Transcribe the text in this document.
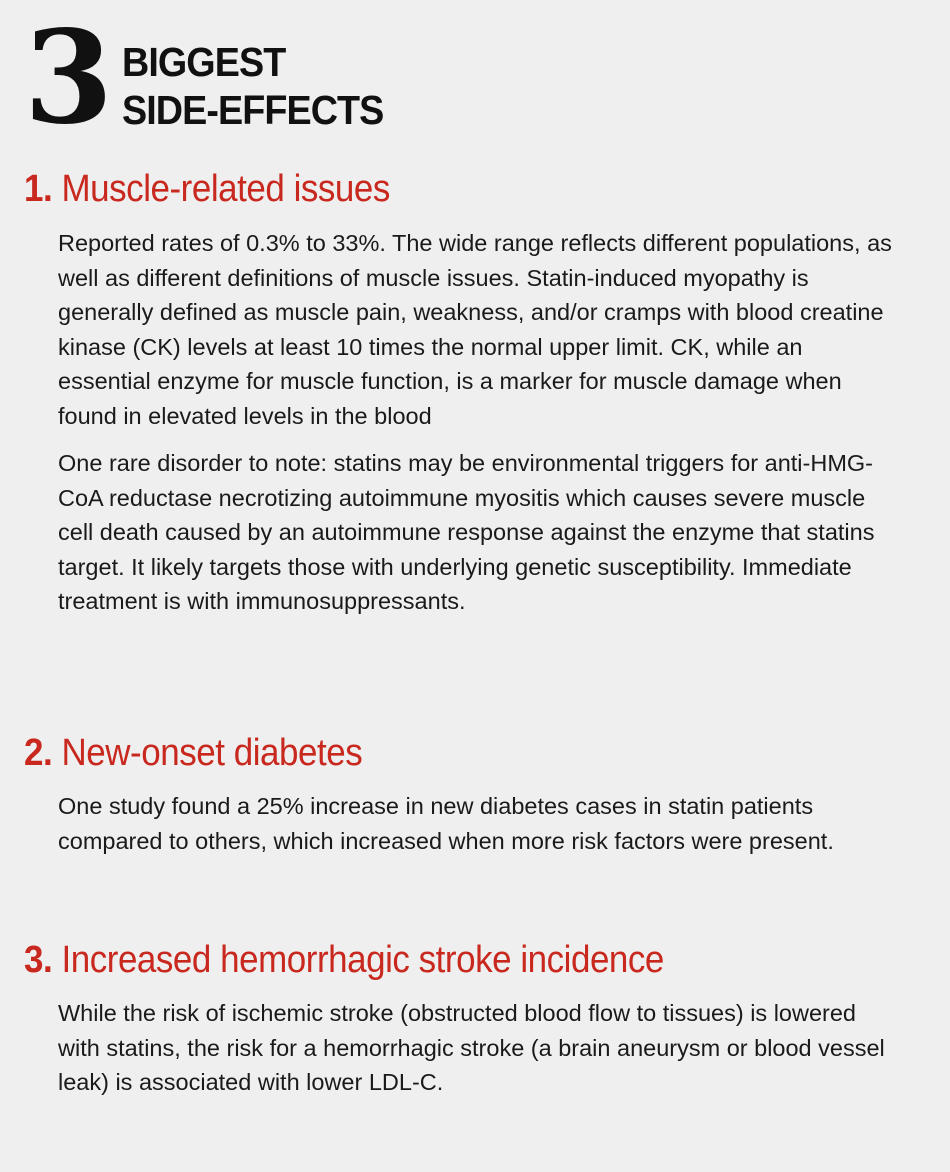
3 BIGGEST
SIDE-EFFECTS
1. Muscle-related issues
Reported rates of 0.3% to 33%. The wide range reflects different populations, as well as different definitions of muscle issues. Statin-induced myopathy is generally defined as muscle pain, weakness, and/or cramps with blood creatine kinase (CK) levels at least 10 times the normal upper limit. CK, while an essential enzyme for muscle function, is a marker for muscle damage when found in elevated levels in the blood
One rare disorder to note: statins may be environmental triggers for anti-HMG-CoA reductase necrotizing autoimmune myositis which causes severe muscle cell death caused by an autoimmune response against the enzyme that statins target. It likely targets those with underlying genetic susceptibility. Immediate treatment is with immunosuppressants.
2. New-onset diabetes
One study found a 25% increase in new diabetes cases in statin patients compared to others, which increased when more risk factors were present.
3. Increased hemorrhagic stroke incidence
While the risk of ischemic stroke (obstructed blood flow to tissues) is lowered with statins, the risk for a hemorrhagic stroke (a brain aneurysm or blood vessel leak) is associated with lower LDL-C.
